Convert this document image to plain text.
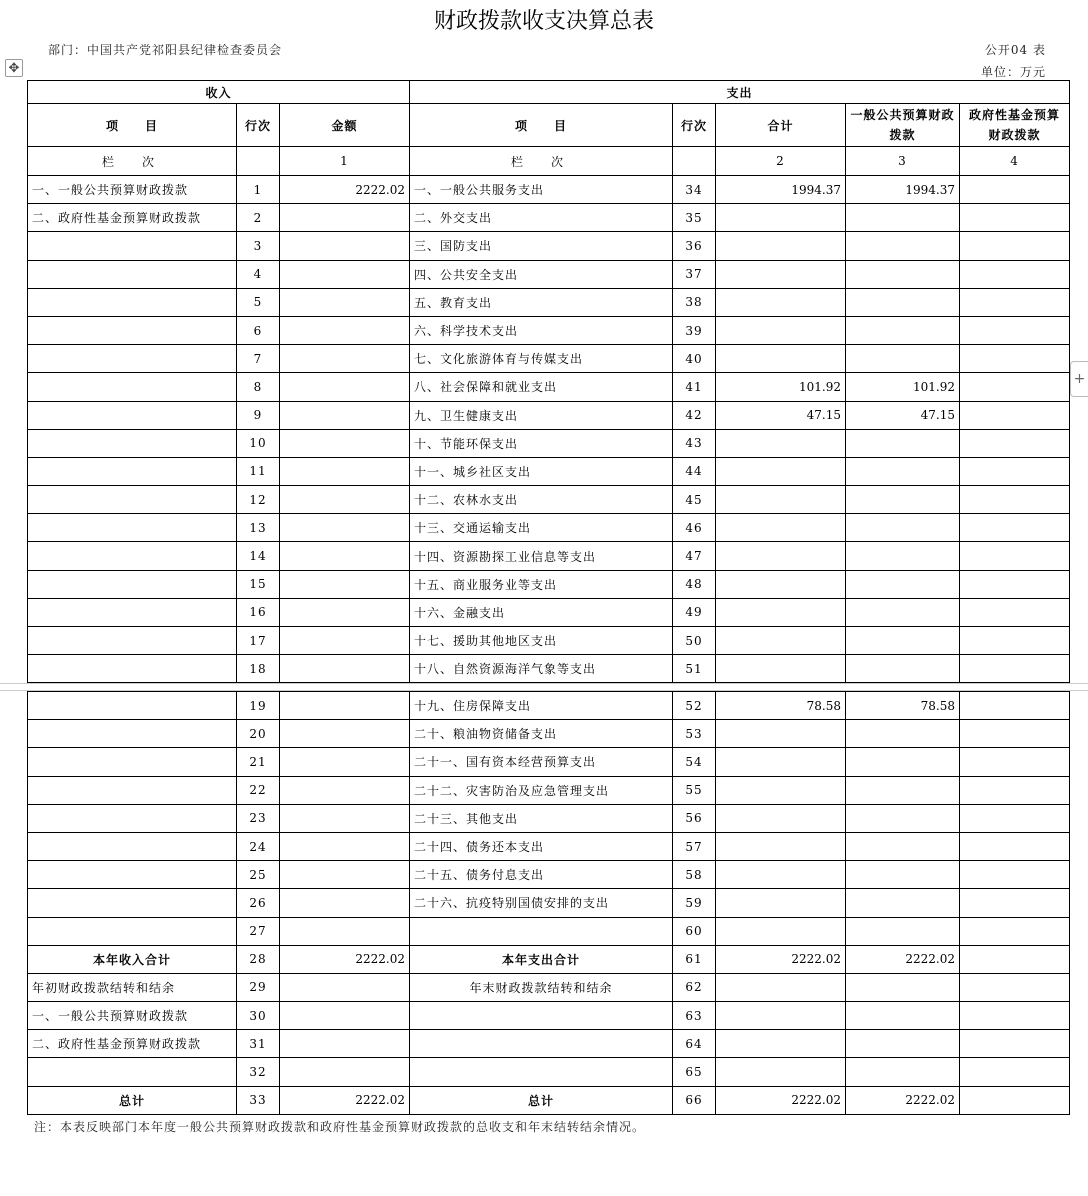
财政拨款收支决算总表
部门：中国共产党祁阳县纪律检查委员会	公开04 表
单位：万元
✥
+
收入			支出				
项　　目	行次	金额	项　　目	行次	合计	一般公共预算财政拨款	政府性基金预算财政拨款
栏　次		1	栏　次		2	3	4
一、一般公共预算财政拨款	1	2222.02	一、一般公共服务支出	34	1994.37	1994.37	
二、政府性基金预算财政拨款	2		二、外交支出	35			
	3		三、国防支出	36			
	4		四、公共安全支出	37			
	5		五、教育支出	38			
	6		六、科学技术支出	39			
	7		七、文化旅游体育与传媒支出	40			
	8		八、社会保障和就业支出	41	101.92	101.92	
	9		九、卫生健康支出	42	47.15	47.15	
	10		十、节能环保支出	43			
	11		十一、城乡社区支出	44			
	12		十二、农林水支出	45			
	13		十三、交通运输支出	46			
	14		十四、资源勘探工业信息等支出	47			
	15		十五、商业服务业等支出	48			
	16		十六、金融支出	49			
	17		十七、援助其他地区支出	50			
	18		十八、自然资源海洋气象等支出	51			
	19		十九、住房保障支出	52	78.58	78.58	
	20		二十、粮油物资储备支出	53			
	21		二十一、国有资本经营预算支出	54			
	22		二十二、灾害防治及应急管理支出	55			
	23		二十三、其他支出	56			
	24		二十四、债务还本支出	57			
	25		二十五、债务付息支出	58			
	26		二十六、抗疫特别国债安排的支出	59			
	27			60			
本年收入合计	28	2222.02	本年支出合计	61	2222.02	2222.02	
年初财政拨款结转和结余	29		年末财政拨款结转和结余	62			
一、一般公共预算财政拨款	30			63			
二、政府性基金预算财政拨款	31			64			
	32			65			
总计	33	2222.02	总计	66	2222.02	2222.02	
注：本表反映部门本年度一般公共预算财政拨款和政府性基金预算财政拨款的总收支和年末结转结余情况。
